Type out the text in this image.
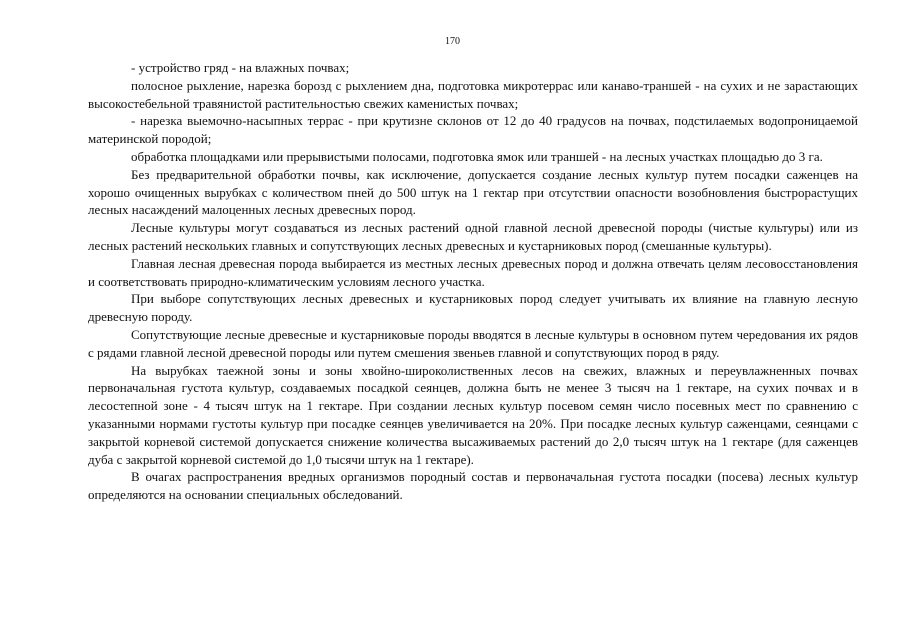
170

- устройство гряд - на влажных почвах;

полосное рыхление, нарезка борозд с рыхлением дна, подготовка микротеррас или канаво-траншей - на сухих и не зарастающих высокостебельной травянистой растительностью свежих каменистых почвах;

- нарезка выемочно-насыпных террас - при крутизне склонов от 12 до 40 градусов на почвах, подстилаемых водопроницаемой материнской породой;

обработка площадками или прерывистыми полосами, подготовка ямок или траншей - на лесных участках площадью до 3 га.

Без предварительной обработки почвы, как исключение, допускается создание лесных культур путем посадки саженцев на хорошо очищенных вырубках с количеством пней до 500 штук на 1 гектар при отсутствии опасности возобновления быстрорастущих лесных насаждений малоценных лесных древесных пород.

Лесные культуры могут создаваться из лесных растений одной главной лесной древесной породы (чистые культуры) или из лесных растений нескольких главных и сопутствующих лесных древесных и кустарниковых пород (смешанные культуры).

Главная лесная древесная порода выбирается из местных лесных древесных пород и должна отвечать целям лесовосстановления и соответствовать природно-климатическим условиям лесного участка.

При выборе сопутствующих лесных древесных и кустарниковых пород следует учитывать их влияние на главную лесную древесную породу.

Сопутствующие лесные древесные и кустарниковые породы вводятся в лесные культуры в основном путем чередования их рядов с рядами главной лесной древесной породы или путем смешения звеньев главной и сопутствующих пород в ряду.

На вырубках таежной зоны и зоны хвойно-широколиственных лесов на свежих, влажных и переувлажненных почвах первоначальная густота культур, создаваемых посадкой сеянцев, должна быть не менее 3 тысяч на 1 гектаре, на сухих почвах и в лесостепной зоне - 4 тысяч штук на 1 гектаре. При создании лесных культур посевом семян число посевных мест по сравнению с указанными нормами густоты культур при посадке сеянцев увеличивается на 20%. При посадке лесных культур саженцами, сеянцами с закрытой корневой системой допускается снижение количества высаживаемых растений до 2,0 тысяч штук на 1 гектаре (для саженцев дуба с закрытой корневой системой до 1,0 тысячи штук на 1 гектаре).

В очагах распространения вредных организмов породный состав и первоначальная густота посадки (посева) лесных культур определяются на основании специальных обследований.
